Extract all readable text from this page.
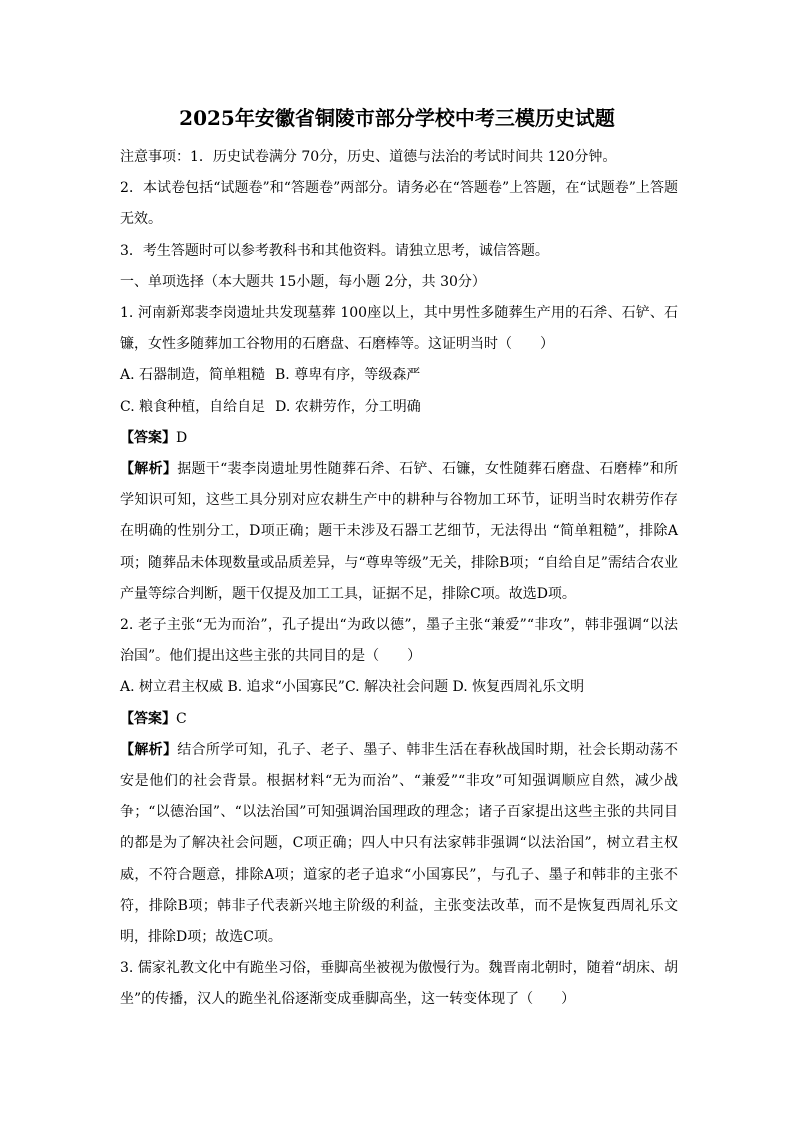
2025年安徽省铜陵市部分学校中考三模历史试题

注意事项：1．历史试卷满分 70分，历史、道德与法治的考试时间共 120分钟。

2．本试卷包括“试题卷”和“答题卷”两部分。请务必在“答题卷”上答题，在“试题卷”上答题无效。

3．考生答题时可以参考教科书和其他资料。请独立思考，诚信答题。

一、单项选择（本大题共 15小题，每小题 2分，共 30分）

1. 河南新郑裴李岗遗址共发现墓葬 100座以上，其中男性多随葬生产用的石斧、石铲、石镰，女性多随葬加工谷物用的石磨盘、石磨棒等。这证明当时（　　）

A. 石器制造，简单粗糙 B. 尊卑有序，等级森严

C. 粮食种植，自给自足 D. 农耕劳作，分工明确

【答案】D

【解析】据题干“裴李岗遗址男性随葬石斧、石铲、石镰，女性随葬石磨盘、石磨棒”和所学知识可知，这些工具分别对应农耕生产中的耕种与谷物加工环节，证明当时农耕劳作存在明确的性别分工，D项正确；题干未涉及石器工艺细节，无法得出 “简单粗糙”，排除A项；随葬品未体现数量或品质差异，与“尊卑等级”无关，排除B项；“自给自足”需结合农业产量等综合判断，题干仅提及加工工具，证据不足，排除C项。故选D项。

2. 老子主张“无为而治”，孔子提出“为政以德”，墨子主张“兼爱”“非攻”，韩非强调“以法治国”。他们提出这些主张的共同目的是（　　）

A. 树立君主权威 B. 追求“小国寡民”C. 解决社会问题 D. 恢复西周礼乐文明

【答案】C

【解析】结合所学可知，孔子、老子、墨子、韩非生活在春秋战国时期，社会长期动荡不安是他们的社会背景。根据材料“无为而治”、“兼爱”“非攻”可知强调顺应自然，减少战争；“以德治国”、“以法治国”可知强调治国理政的理念；诸子百家提出这些主张的共同目的都是为了解决社会问题，C项正确；四人中只有法家韩非强调“以法治国”，树立君主权威，不符合题意，排除A项；道家的老子追求“小国寡民”，与孔子、墨子和韩非的主张不符，排除B项；韩非子代表新兴地主阶级的利益，主张变法改革，而不是恢复西周礼乐文明，排除D项；故选C项。

3. 儒家礼教文化中有跪坐习俗，垂脚高坐被视为傲慢行为。魏晋南北朝时，随着“胡床、胡坐”的传播，汉人的跪坐礼俗逐渐变成垂脚高坐，这一转变体现了（　　）
